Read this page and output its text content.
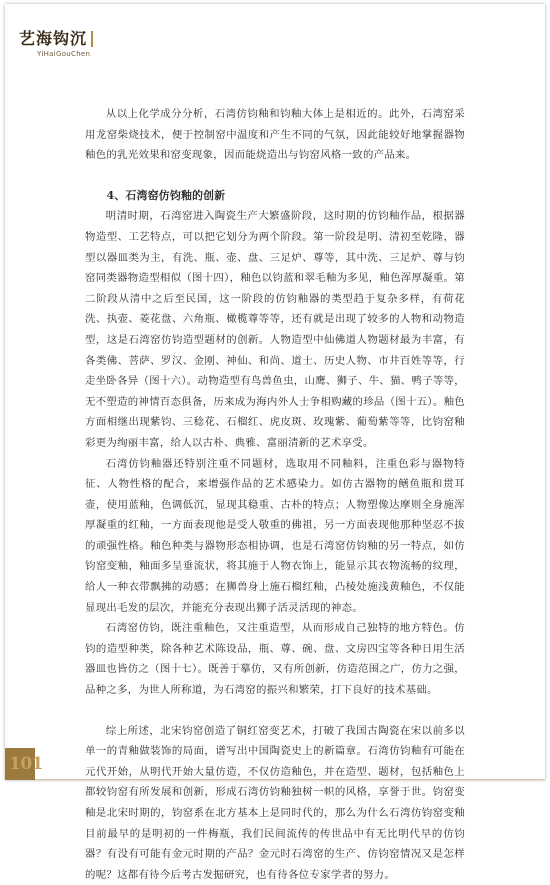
艺海钩沉
YiHaiGouChen

从以上化学成分分析，石湾仿钧釉和钧釉大体上是相近的。此外，石湾窑采用龙窑柴烧技术，便于控制窑中温度和产生不同的气氛，因此能较好地掌握器物釉色的乳光效果和窑变现象，因而能烧造出与钧窑风格一致的产品来。

4、石湾窑仿钧釉的创新

明清时期，石湾窑进入陶瓷生产大繁盛阶段，这时期的仿钧釉作品，根据器物造型、工艺特点，可以把它划分为两个阶段。第一阶段是明、清初至乾隆，器型以器皿类为主，有洗、瓶、壶、盘、三足炉、尊等，其中洗、三足炉、尊与钧窑同类器物造型相似（图十四），釉色以钧蓝和翠毛釉为多见，釉色浑厚凝重。第二阶段从清中之后至民国，这一阶段的仿钧釉器的类型趋于复杂多样，有荷花洗、执壶、菱花盘、六角瓶、橄榄尊等等，还有就是出现了较多的人物和动物造型，这是石湾窑仿钧造型题材的创新。人物造型中仙佛道人物题材最为丰富，有各类佛、菩萨、罗汉、金刚、神仙、和尚、道士、历史人物、市井百姓等等，行走坐卧各异（图十六）。动物造型有鸟兽鱼虫，山鹰、狮子、牛、猫、鸭子等等，无不塑造的神情百态俱备，历来成为海内外人士争相购藏的珍品（图十五）。釉色方面相继出现紫钧、三稔花、石榴红、虎皮斑、玫瑰紫、葡萄紫等等，比钧窑釉彩更为绚丽丰富，给人以古朴、典雅、富丽清新的艺术享受。

石湾仿钧釉器还特别注重不同题材，选取用不同釉料，注重色彩与器物特征、人物性格的配合，来增强作品的艺术感染力。如仿古器物的鳝鱼瓶和贯耳壶，使用蓝釉，色调低沉，显现其稳重、古朴的特点；人物塑像达摩则全身施浑厚凝重的红釉，一方面表现他是受人敬重的佛祖，另一方面表现他那种坚忍不拔的顽强性格。釉色种类与器物形态相协调，也是石湾窑仿钧釉的另一特点，如仿钧窑变釉，釉面多呈垂流状，将其施于人物衣饰上，能显示其衣物流畅的纹理，给人一种衣带飘拂的动感；在狮兽身上施石榴红釉，凸棱处施浅黄釉色，不仅能显现出毛发的层次，并能充分表现出狮子活灵活现的神态。

石湾窑仿钧，既注重釉色，又注重造型，从而形成自己独特的地方特色。仿钧的造型种类，除各种艺术陈设品，瓶、尊、碗、盘、文房四宝等各种日用生活器皿也皆仿之（图十七）。既善于摹仿，又有所创新，仿造范围之广，仿力之强，品种之多，为世人所称道，为石湾窑的振兴和繁荣，打下良好的技术基础。

综上所述，北宋钧窑创造了铜红窑变艺术，打破了我国古陶瓷在宋以前多以单一的青釉做装饰的局面，谱写出中国陶瓷史上的新篇章。石湾仿钧釉有可能在元代开始，从明代开始大量仿造，不仅仿造釉色，并在造型、题材，包括釉色上都较钧窑有所发展和创新，形成石湾仿钧釉独树一帜的风格，享誉于世。钧窑变釉是北宋时期的，钧窑系在北方基本上是同时代的，那么为什么石湾仿钧窑变釉目前最早的是明初的一件梅瓶，我们民间流传的传世品中有无比明代早的仿钧器？有没有可能有金元时期的产品？金元时石湾窑的生产、仿钧窑情况又是怎样的呢？这都有待今后考古发掘研究，也有待各位专家学者的努力。

101
